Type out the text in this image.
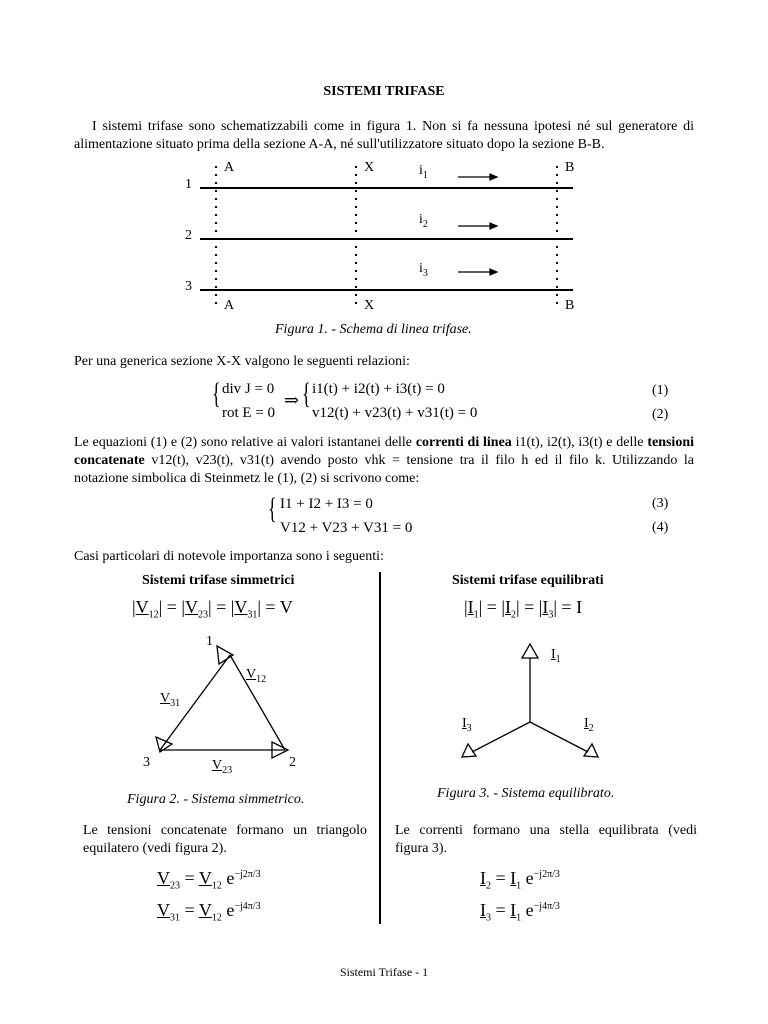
SISTEMI TRIFASE
I sistemi trifase sono schematizzabili come in figura 1. Non si fa nessuna ipotesi né sul generatore di alimentazione situato prima della sezione A-A, né sull'utilizzatore situato dopo la sezione B-B.
1
2
3
A	X	B
A	X	B
$i_1$
$i_2$
$i_3$
Figura 1. - Schema di linea trifase.
Per una generica sezione X-X valgono le seguenti relazioni:
{ div J = 0
rot E = 0
⇒ { i1(t) + i2(t) + i3(t) = 0
v12(t) + v23(t) + v31(t) = 0
(1)
(2)
Le equazioni (1) e (2) sono relative ai valori istantanei delle correnti di linea i1(t), i2(t), i3(t) e delle tensioni concatenate v12(t), v23(t), v31(t) avendo posto vhk = tensione tra il filo h ed il filo k. Utilizzando la notazione simbolica di Steinmetz le (1), (2) si scrivono come:
{ I1 + I2 + I3 = 0
V12 + V23 + V31 = 0
(3)
(4)
Casi particolari di notevole importanza sono i seguenti:
Sistemi trifase simmetrici
$|V_{12}| = |V_{23}| = |V_{31}| = V$
1
2
3
$V_{12}$
$V_{31}$
$V_{23}$
Figura 2. - Sistema simmetrico.
Le tensioni concatenate formano un triangolo equilatero (vedi figura 2).
$V_{23} = V_{12}$ $e^{-j2\pi/3}$
$V_{31} = V_{12}$ $e^{-j4\pi/3}$
Sistemi trifase equilibrati
$|I_1| = |I_2| = |I_3| = I$
$I_1$
$I_2$
$I_3$
Figura 3. - Sistema equilibrato.
Le correnti formano una stella equilibrata (vedi figura 3).
$I_2 = I_1$ $e^{-j2\pi/3}$
$I_3 = I_1$ $e^{-j4\pi/3}$
Sistemi Trifase - 1
